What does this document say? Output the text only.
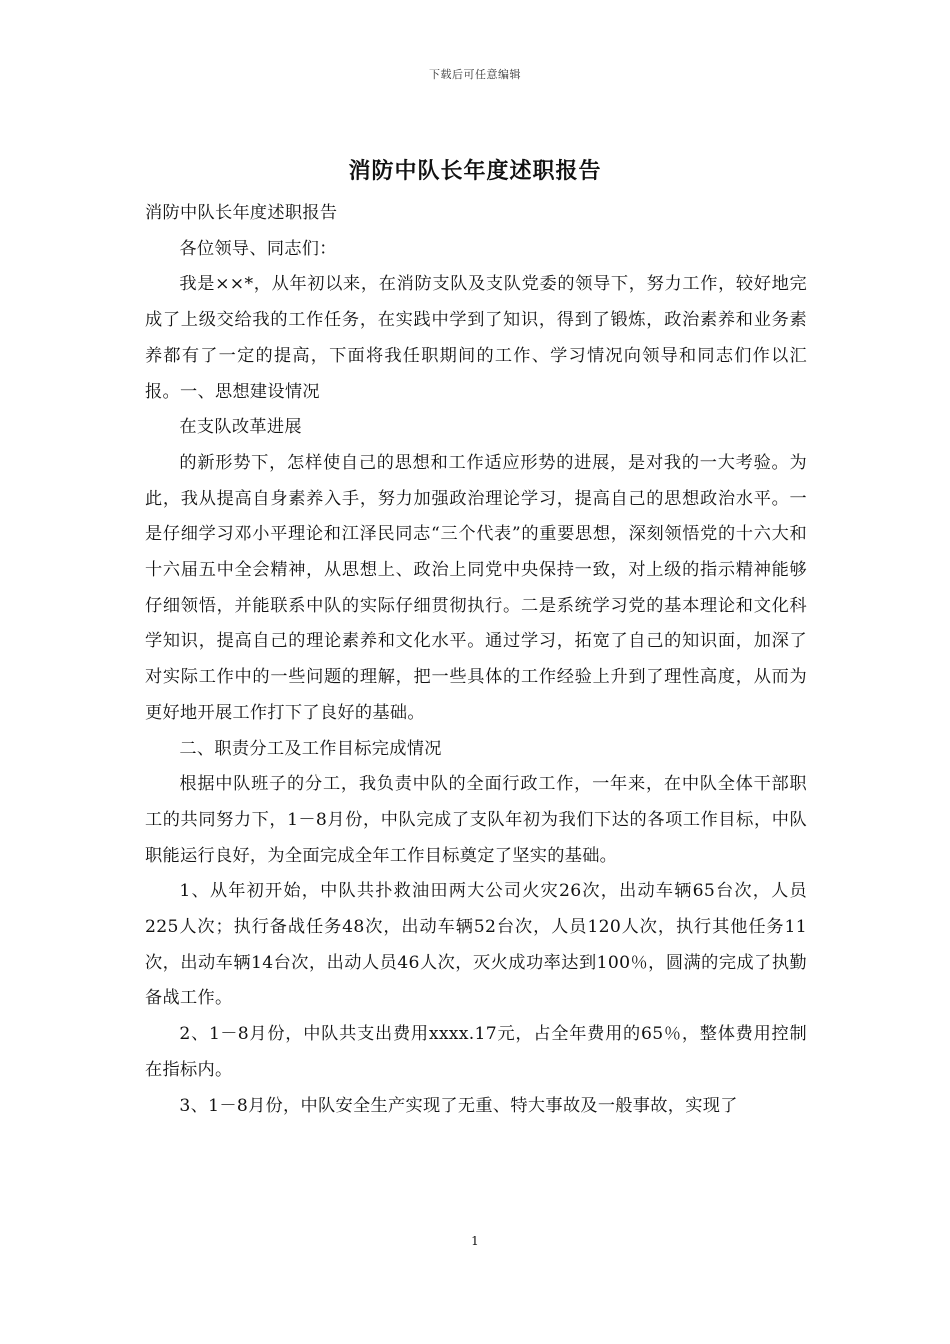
下载后可任意编辑
消防中队长年度述职报告

消防中队长年度述职报告

各位领导、同志们：

我是××*，从年初以来，在消防支队及支队党委的领导下，努力工作，较好地完成了上级交给我的工作任务，在实践中学到了知识，得到了锻炼，政治素养和业务素养都有了一定的提高，下面将我任职期间的工作、学习情况向领导和同志们作以汇报。一、思想建设情况

在支队改革进展

的新形势下，怎样使自己的思想和工作适应形势的进展，是对我的一大考验。为此，我从提高自身素养入手，努力加强政治理论学习，提高自己的思想政治水平。一是仔细学习邓小平理论和江泽民同志“三个代表”的重要思想，深刻领悟党的十六大和十六届五中全会精神，从思想上、政治上同党中央保持一致，对上级的指示精神能够仔细领悟，并能联系中队的实际仔细贯彻执行。二是系统学习党的基本理论和文化科学知识，提高自己的理论素养和文化水平。通过学习，拓宽了自己的知识面，加深了对实际工作中的一些问题的理解，把一些具体的工作经验上升到了理性高度，从而为更好地开展工作打下了良好的基础。

二、职责分工及工作目标完成情况

根据中队班子的分工，我负责中队的全面行政工作，一年来，在中队全体干部职工的共同努力下，1－8月份，中队完成了支队年初为我们下达的各项工作目标，中队职能运行良好，为全面完成全年工作目标奠定了坚实的基础。

1、从年初开始，中队共扑救油田两大公司火灾26次，出动车辆65台次，人员225人次；执行备战任务48次，出动车辆52台次，人员120人次，执行其他任务11次，出动车辆14台次，出动人员46人次，灭火成功率达到100％，圆满的完成了执勤备战工作。

2、1－8月份，中队共支出费用xxxx.17元，占全年费用的65％，整体费用控制在指标内。

3、1－8月份，中队安全生产实现了无重、特大事故及一般事故，实现了

1
